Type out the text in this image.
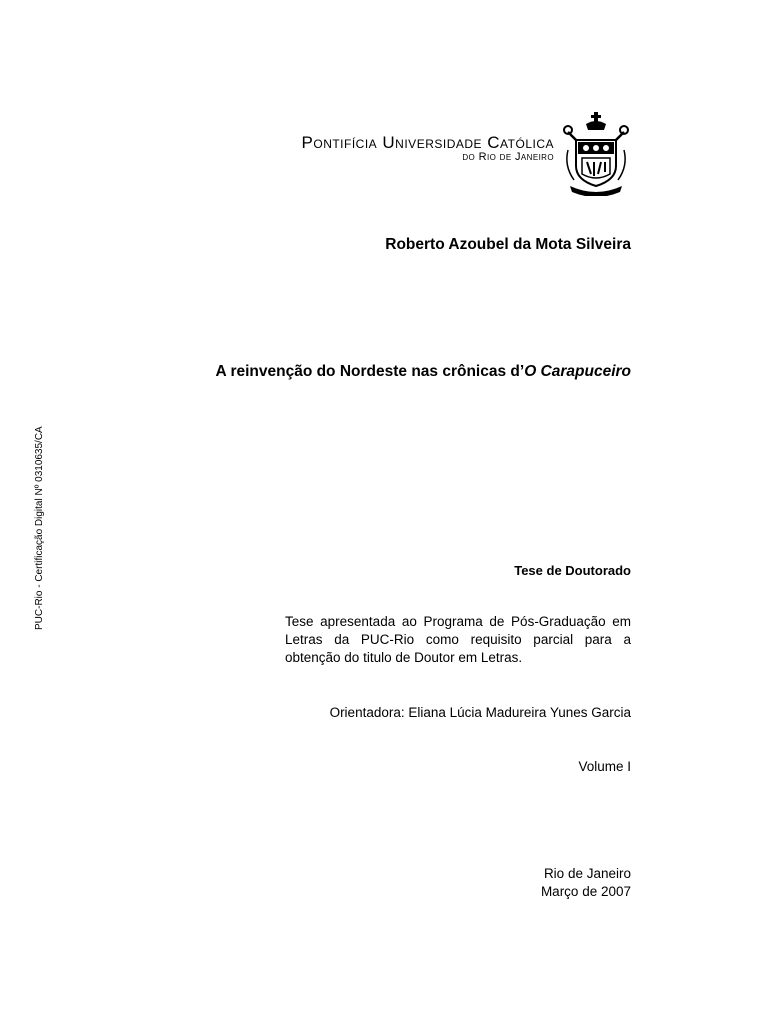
Pontifícia Universidade Católica
do Rio de Janeiro
Roberto Azoubel da Mota Silveira
A reinvenção do Nordeste nas crônicas d’O Carapuceiro
PUC-Rio - Certificação Digital Nº 0310635/CA	Tese de Doutorado
Tese apresentada ao Programa de Pós-Graduação em Letras da PUC-Rio como requisito parcial para a obtenção do titulo de Doutor em Letras.
Orientadora: Eliana Lúcia Madureira Yunes Garcia
Volume I
Rio de Janeiro
Março de 2007
